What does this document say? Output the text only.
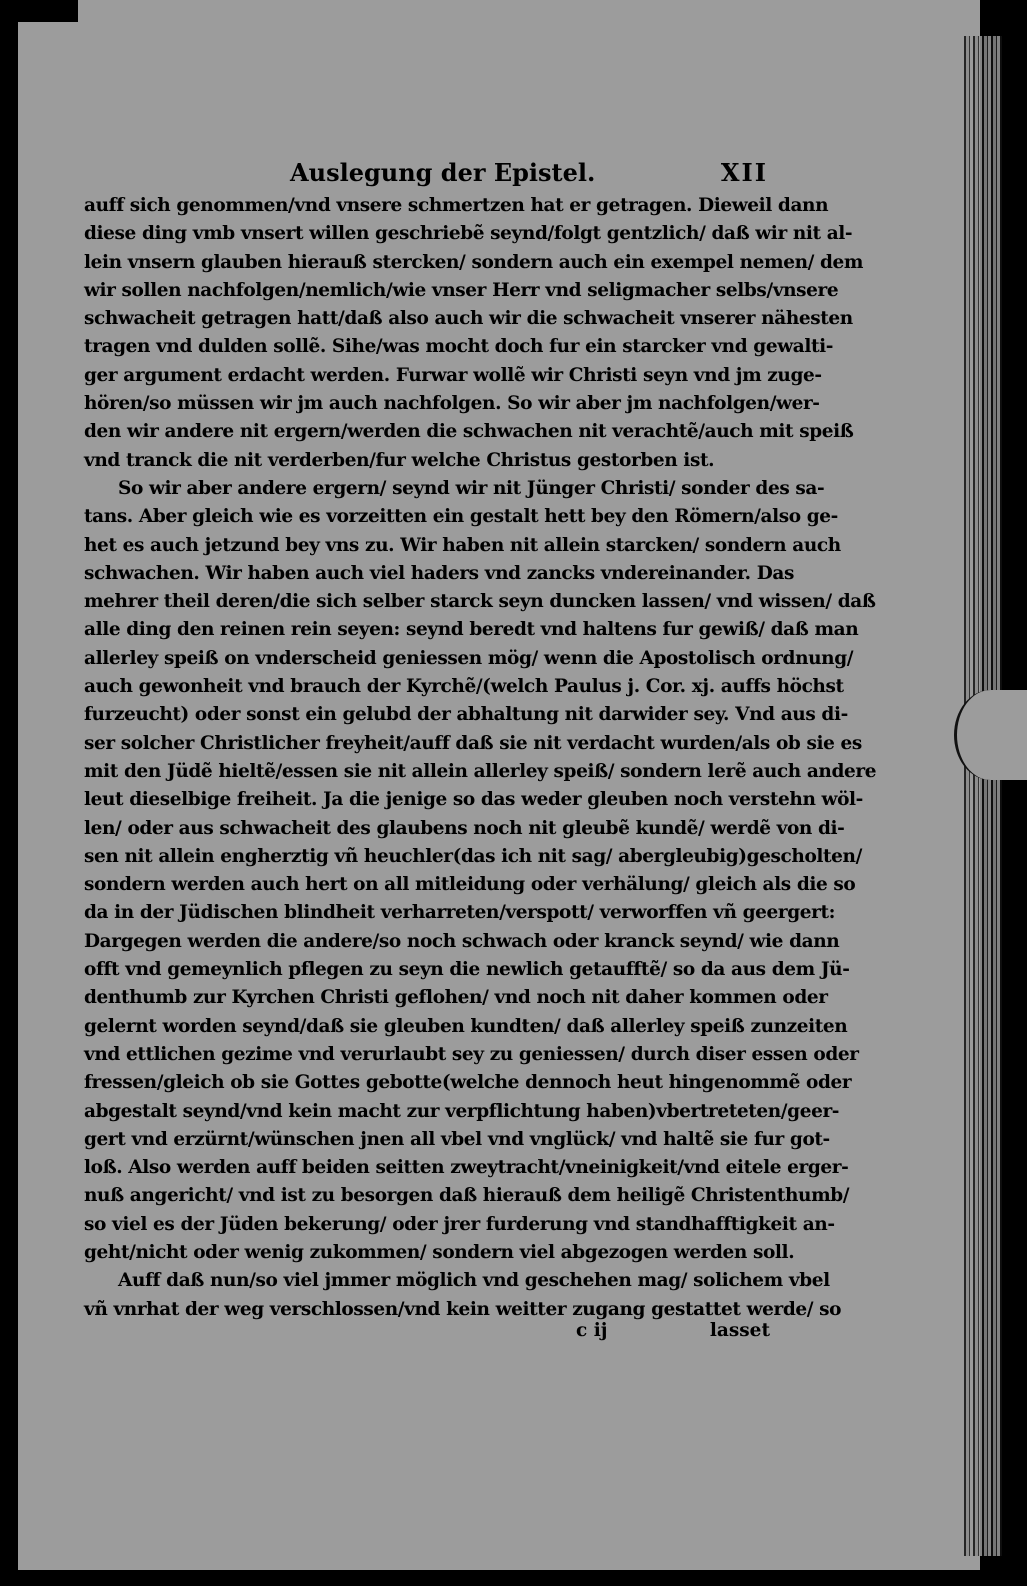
Auslegung der Epistel.	XII
auff sich genommen/vnd vnsere schmertzen hat er getragen. Dieweil dann
diese ding vmb vnsert willen geschriebẽ seynd/folgt gentzlich/ daß wir nit al-
lein vnsern glauben hierauß stercken/ sondern auch ein exempel nemen/ dem
wir sollen nachfolgen/nemlich/wie vnser Herr vnd seligmacher selbs/vnsere
schwacheit getragen hatt/daß also auch wir die schwacheit vnserer nähesten
tragen vnd dulden sollẽ. Sihe/was mocht doch fur ein starcker vnd gewalti-
ger argument erdacht werden. Furwar wollẽ wir Christi seyn vnd jm zuge-
hören/so müssen wir jm auch nachfolgen. So wir aber jm nachfolgen/wer-
den wir andere nit ergern/werden die schwachen nit verachtẽ/auch mit speiß
vnd tranck die nit verderben/fur welche Christus gestorben ist.
So wir aber andere ergern/ seynd wir nit Jünger Christi/ sonder des sa-
tans. Aber gleich wie es vorzeitten ein gestalt hett bey den Römern/also ge-
het es auch jetzund bey vns zu. Wir haben nit allein starcken/ sondern auch
schwachen. Wir haben auch viel haders vnd zancks vndereinander. Das
mehrer theil deren/die sich selber starck seyn duncken lassen/ vnd wissen/ daß
alle ding den reinen rein seyen: seynd beredt vnd haltens fur gewiß/ daß man
allerley speiß on vnderscheid geniessen mög/ wenn die Apostolisch ordnung/
auch gewonheit vnd brauch der Kyrchẽ/(welch Paulus j. Cor. xj. auffs höchst
furzeucht) oder sonst ein gelubd der abhaltung nit darwider sey. Vnd aus di-
ser solcher Christlicher freyheit/auff daß sie nit verdacht wurden/als ob sie es
mit den Jüdẽ hieltẽ/essen sie nit allein allerley speiß/ sondern lerẽ auch andere
leut dieselbige freiheit. Ja die jenige so das weder gleuben noch verstehn wöl-
len/ oder aus schwacheit des glaubens noch nit gleubẽ kundẽ/ werdẽ von di-
sen nit allein engherztig vñ heuchler(das ich nit sag/ abergleubig)gescholten/
sondern werden auch hert on all mitleidung oder verhälung/ gleich als die so
da in der Jüdischen blindheit verharreten/verspott/ verworffen vñ geergert:
Dargegen werden die andere/so noch schwach oder kranck seynd/ wie dann
offt vnd gemeynlich pflegen zu seyn die newlich getaufftẽ/ so da aus dem Jü-
denthumb zur Kyrchen Christi geflohen/ vnd noch nit daher kommen oder
gelernt worden seynd/daß sie gleuben kundten/ daß allerley speiß zunzeiten
vnd ettlichen gezime vnd verurlaubt sey zu geniessen/ durch diser essen oder
fressen/gleich ob sie Gottes gebotte(welche dennoch heut hingenommẽ oder
abgestalt seynd/vnd kein macht zur verpflichtung haben)vbertreteten/geer-
gert vnd erzürnt/wünschen jnen all vbel vnd vnglück/ vnd haltẽ sie fur got-
loß. Also werden auff beiden seitten zweytracht/vneinigkeit/vnd eitele erger-
nuß angericht/ vnd ist zu besorgen daß hierauß dem heiligẽ Christenthumb/
so viel es der Jüden bekerung/ oder jrer furderung vnd standhafftigkeit an-
geht/nicht oder wenig zukommen/ sondern viel abgezogen werden soll.
Auff daß nun/so viel jmmer möglich vnd geschehen mag/ solichem vbel
vñ vnrhat der weg verschlossen/vnd kein weitter zugang gestattet werde/ so
c ij	lasset
